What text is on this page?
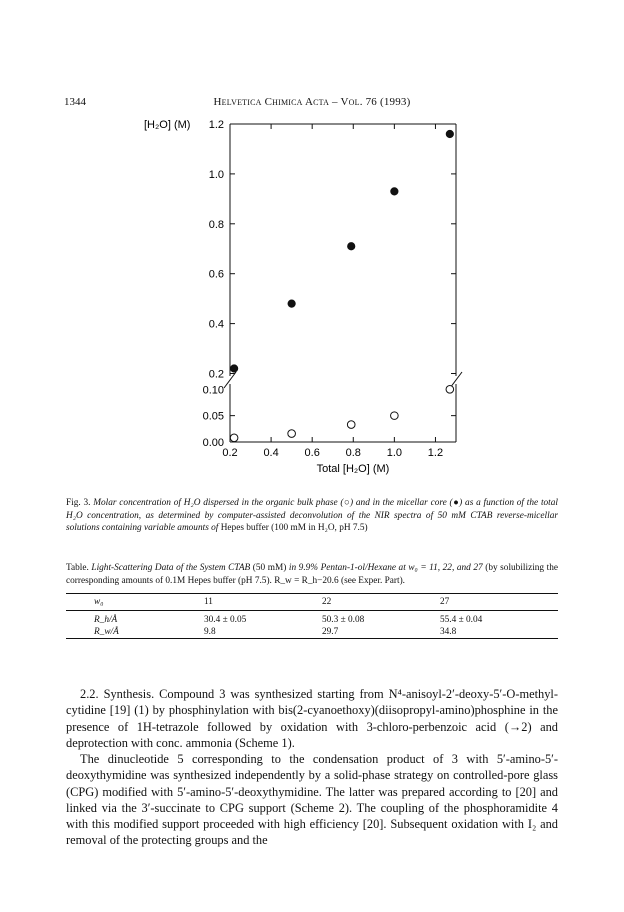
1344	Helvetica Chimica Acta – Vol. 76 (1993)
0.2
0.4
0.6
0.8
1.0
1.2
0.00
0.05
0.10
0.2 0.4 0.6 0.8 1.0 1.2
[H₂O] (M)
Total [H₂O] (M)
Fig. 3. Molar concentration of H₂O dispersed in the organic bulk phase (○) and in the micellar core (●) as a function of the total H₂O concentration, as determined by computer-assisted deconvolution of the NIR spectra of 50 mM CTAB reverse-micellar solutions containing variable amounts of Hepes buffer (100 mM in H₂O, pH 7.5)
Table. Light-Scattering Data of the System CTAB (50 mM) in 9.9% Pentan-1-ol/Hexane at w₀ = 11, 22, and 27 (by solubilizing the corresponding amounts of 0.1M Hepes buffer (pH 7.5). R_w = R_h−20.6 (see Exper. Part).
w₀	11	22	27
R_h/Å	30.4 ± 0.05	50.3 ± 0.08	55.4 ± 0.04
R_w/Å	9.8	29.7	34.8

2.2. Synthesis. Compound 3 was synthesized starting from N⁴-anisoyl-2′-deoxy-5′-O-methyl-cytidine [19] (1) by phosphinylation with bis(2-cyanoethoxy)(diisopropyl-amino)phosphine in the presence of 1H-tetrazole followed by oxidation with 3-chloro-perbenzoic acid (→2) and deprotection with conc. ammonia (Scheme 1).

The dinucleotide 5 corresponding to the condensation product of 3 with 5′-amino-5′-deoxythymidine was synthesized independently by a solid-phase strategy on controlled-pore glass (CPG) modified with 5′-amino-5′-deoxythymidine. The latter was prepared according to [20] and linked via the 3′-succinate to CPG support (Scheme 2). The coupling of the phosphoramidite 4 with this modified support proceeded with high efficiency [20]. Subsequent oxidation with I₂ and removal of the protecting groups and the
